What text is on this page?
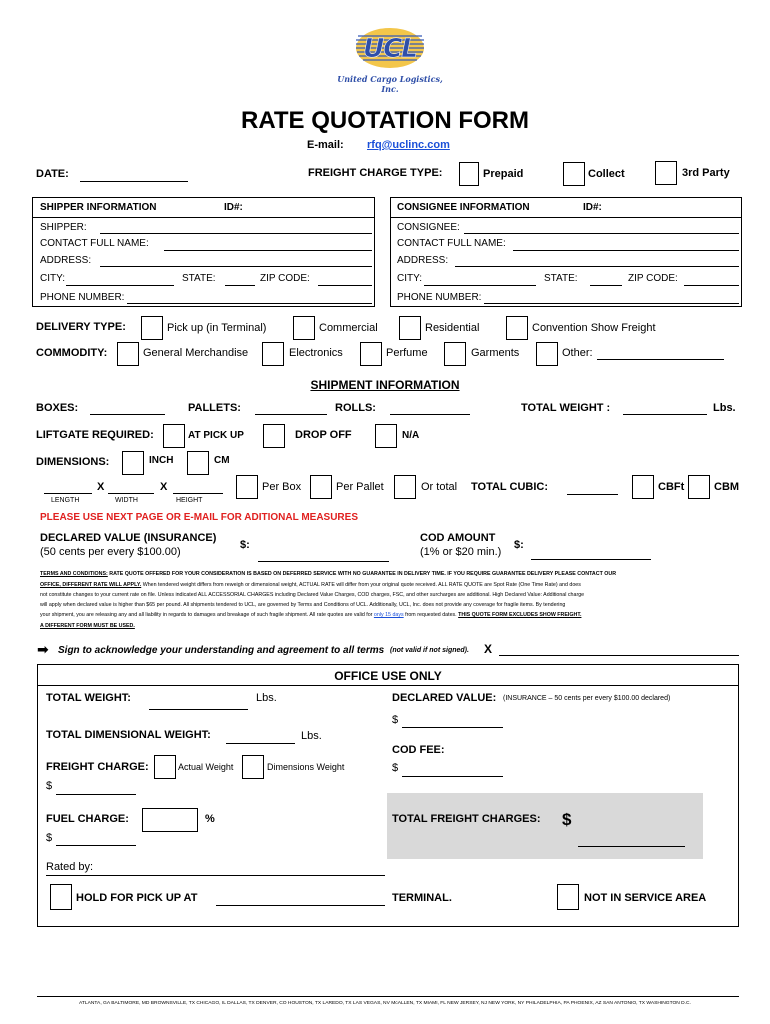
UCL
United Cargo Logistics, Inc.
RATE QUOTATION FORM
E-mail: rfq@uclinc.com
DATE:	FREIGHT CHARGE TYPE:	Prepaid	Collect	3rd Party
SHIPPER INFORMATION	ID#:
SHIPPER:
CONTACT FULL NAME:
ADDRESS:
CITY:	STATE:	ZIP CODE:
PHONE NUMBER:
CONSIGNEE INFORMATION	ID#:
CONSIGNEE:
CONTACT FULL NAME:
ADDRESS:
CITY:	STATE:	ZIP CODE:
PHONE NUMBER:
DELIVERY TYPE:	Pick up (in Terminal)	Commercial	Residential	Convention Show Freight
COMMODITY:	General Merchandise	Electronics	Perfume	Garments	Other:
SHIPMENT INFORMATION
BOXES:	PALLETS:	ROLLS:	TOTAL WEIGHT :	Lbs.
LIFTGATE REQUIRED:	AT PICK UP	DROP OFF	N/A
DIMENSIONS:	INCH	CM
X	X
LENGTH	WIDTH	HEIGHT
Per Box	Per Pallet	Or total TOTAL CUBIC:	CBFt	CBM
PLEASE USE NEXT PAGE OR E-MAIL FOR ADITIONAL MEASURES
DECLARED VALUE (INSURANCE)
(50 cents per every $100.00)
$:
COD AMOUNT
(1% or $20 min.)
$:
TERMS AND CONDITIONS: RATE QUOTE OFFERED FOR YOUR CONSIDERATION IS BASED ON DEFERRED SERVICE WITH NO GUARANTEE IN DELIVERY TIME. IF YOU REQUIRE GUARANTEE DELIVERY PLEASE CONTACT OUR
OFFICE, DIFFERENT RATE WILL APPLY. When tendered weight differs from reweigh or dimensional weight, ACTUAL RATE will differ from your original quote received. ALL RATE QUOTE are Spot Rate (One Time Rate) and does
not constitute changes to your current rate on file. Unless indicated ALL ACCESSORIAL CHARGES including Declared Value Charges, COD charges, FSC, and other surcharges are additional. High Declared Value: Additional charge
will apply when declared value is higher than $65 per pound. All shipments tendered to UCL, are governed by Terms and Conditions of UCL. Additionally, UCL, Inc. does not provide any coverage for fragile items. By tendering
your shipment, you are releasing any and all liability in regards to damages and breakage of such fragile shipment. All rate quotes are valid for only 15 days from requested dates. THIS QUOTE FORM EXCLUDES SHOW FREIGHT.
A DIFFERENT FORM MUST BE USED.
➡ Sign to acknowledge your understanding and agreement to all terms (not valid if not signed). X
OFFICE USE ONLY
TOTAL WEIGHT:	Lbs.	DECLARED VALUE: (INSURANCE – 50 cents per every $100.00 declared)
$
TOTAL DIMENSIONAL WEIGHT:	Lbs.
COD FEE:
$
FREIGHT CHARGE:	Actual Weight	Dimensions Weight
$
FUEL CHARGE:	%
$
TOTAL FREIGHT CHARGES: $
Rated by:
HOLD FOR PICK UP AT	TERMINAL.	NOT IN SERVICE AREA
ATLANTA, GA BALTIMORE, MD BROWNSVILLE, TX CHICAGO, IL DALLAS, TX DENVER, CO HOUSTON, TX LAREDO, TX LAS VEGAS, NV McALLEN, TX MIAMI, FL NEW JERSEY, NJ NEW YORK, NY PHILADELPHIA, PA PHOENIX, AZ SAN ANTONIO, TX WASHINGTON D.C.
